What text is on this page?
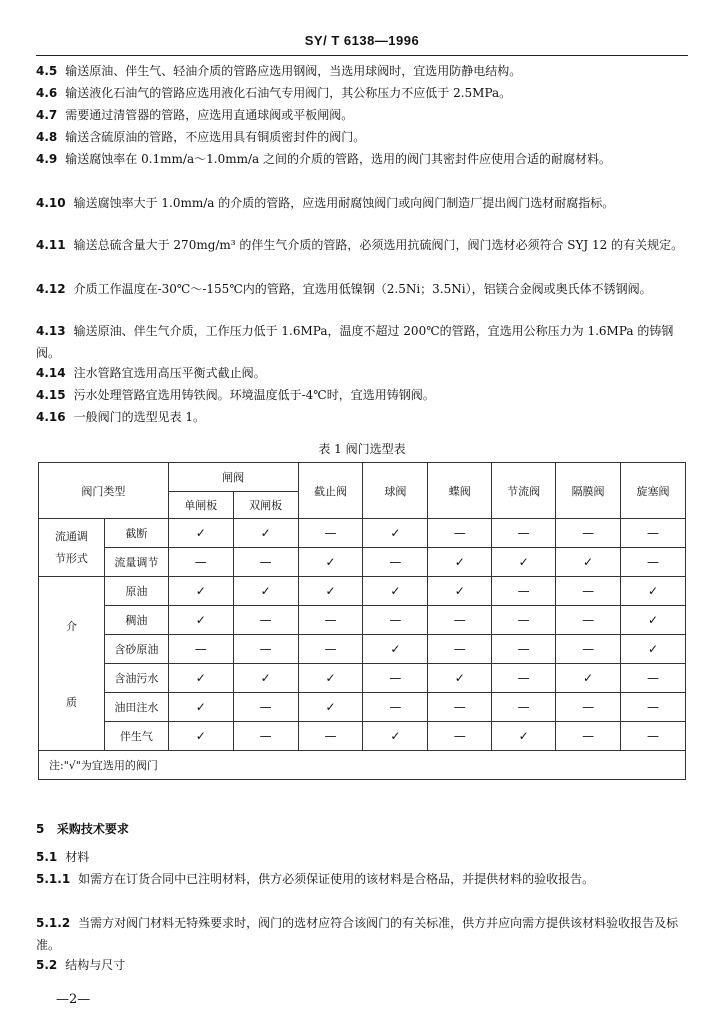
SY/ T 6138—1996

4.5 输送原油、伴生气、轻油介质的管路应选用钢阀，当选用球阀时，宜选用防静电结构。

4.6 输送液化石油气的管路应选用液化石油气专用阀门，其公称压力不应低于 2.5MPa。

4.7 需要通过清管器的管路，应选用直通球阀或平板闸阀。

4.8 输送含硫原油的管路，不应选用具有铜质密封件的阀门。

4.9 输送腐蚀率在 0.1mm/a～1.0mm/a 之间的介质的管路，选用的阀门其密封件应使用合适的耐腐材料。

4.10 输送腐蚀率大于 1.0mm/a 的介质的管路，应选用耐腐蚀阀门或向阀门制造厂提出阀门选材耐腐指标。

4.11 输送总硫含量大于 270mg/m³ 的伴生气介质的管路，必须选用抗硫阀门，阀门选材必须符合 SYJ 12 的有关规定。

4.12 介质工作温度在-30℃～-155℃内的管路，宜选用低镍钢（2.5Ni；3.5Ni），铝镁合金阀或奥氏体不锈钢阀。

4.13 输送原油、伴生气介质，工作压力低于 1.6MPa，温度不超过 200℃的管路，宜选用公称压力为 1.6MPa 的铸钢阀。

4.14 注水管路宜选用高压平衡式截止阀。

4.15 污水处理管路宜选用铸铁阀。环境温度低于-4℃时，宜选用铸钢阀。

4.16 一般阀门的选型见表 1。

表 1 阀门选型表
阀门类型		闸阀		截止阀	球阀	蝶阀	节流阀	隔膜阀	旋塞阀
		单闸板	双闸板						

流通调
节形式	截断	✓	✓	—	✓	—	—	—	—
	流量调节	—	—	✓	—	✓	✓	✓	—

介
质	原油	✓	✓	✓	✓	✓	—	—	✓
	稠油	✓	—	—	—	—	—	—	✓
	含砂原油	—	—	—	✓	—	—	—	✓
	含油污水	✓	✓	✓	—	✓	—	✓	—
	油田注水	✓	—	✓	—	—	—	—	—
	伴生气	✓	—	—	✓	—	✓	—	—
注:"√"为宜选用的阀门									
5 采购技术要求

5.1 材料

5.1.1 如需方在订货合同中已注明材料，供方必须保证使用的该材料是合格品，并提供材料的验收报告。

5.1.2 当需方对阀门材料无特殊要求时，阀门的选材应符合该阀门的有关标准，供方并应向需方提供该材料验收报告及标准。

5.2 结构与尺寸

—2—
